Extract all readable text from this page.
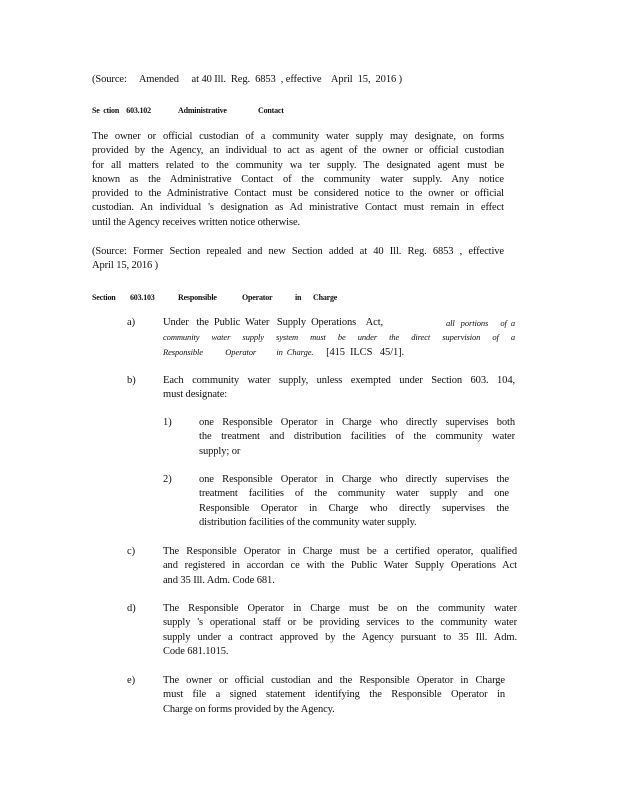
(Source:     Amended     at 40 Ill.  Reg.  6853  , effective    April  15,  2016 )
Se  ction    603.102	Administrative	Contact
The owner or official custodian of a community water supply may designate, on forms
provided by the Agency, an individual to act as agent of the owner or official custodian
for all matters related to the community wa ter supply. The designated agent must be
known as the Administrative Contact of the community water supply. Any notice
provided to the Administrative Contact must be considered notice to the owner or official
custodian. An individual 's designation as Ad ministrative Contact must remain in effect
until the Agency receives written notice otherwise.
(Source: Former Section repealed and new Section added at 40 Ill. Reg. 6853 , effective
April 15, 2016 )
Section 603.103	Responsible	Operator	in Charge
a)	Under   the  Public  Water   Supply  Operations    Act,	all   portions      of  a
community water supply system must be under the direct supervision of a
Responsible           Operator          in  Charge. [415  ILCS   45/1].
b)	Each community water supply, unless exempted under Section 603. 104,
must designate:
1)	one Responsible Operator in Charge who directly supervises both
the treatment and distribution facilities of the community water
supply; or
2)	one Responsible Operator in Charge who directly supervises the
treatment facilities of the community water supply and one
Responsible Operator in Charge who directly supervises the
distribution facilities of the community water supply.
c)	The Responsible Operator in Charge must be a certified operator, qualified
and registered in accordan ce with the Public Water Supply Operations Act
and 35 Ill. Adm. Code 681.
d)	The Responsible Operator in Charge must be on the community water
supply 's operational staff or be providing services to the community water
supply under a contract approved by the Agency pursuant to 35 Ill. Adm.
Code 681.1015.
e)	The owner or official custodian and the Responsible Operator in Charge
must file a signed statement identifying the Responsible Operator in
Charge on forms provided by the Agency.
